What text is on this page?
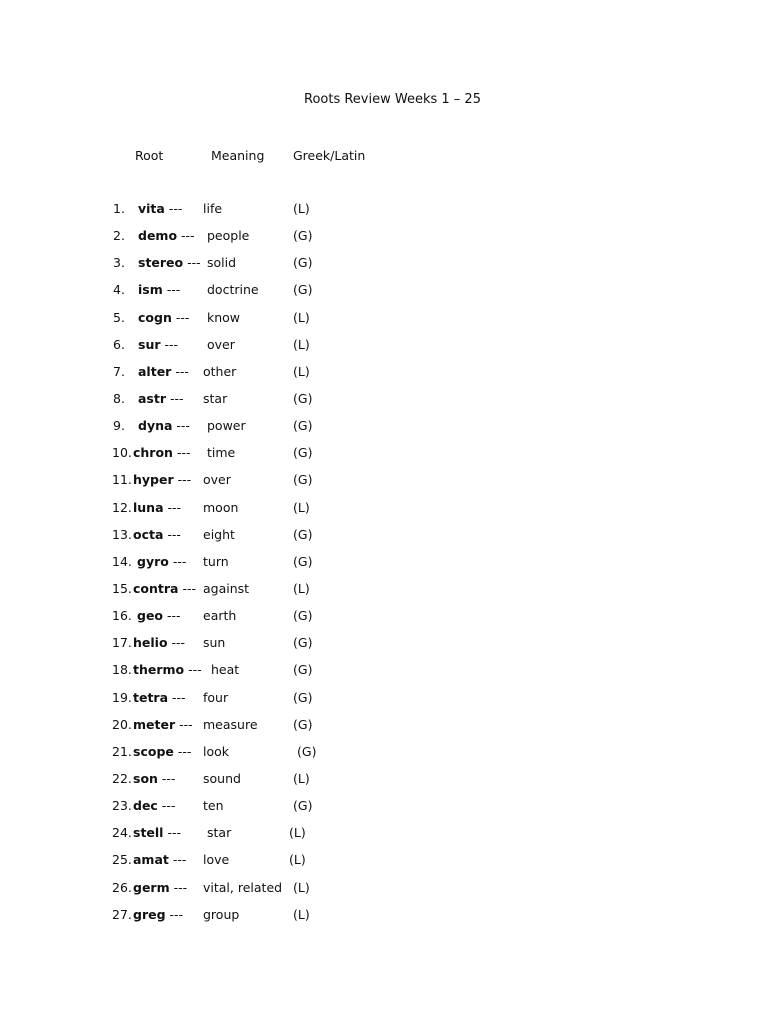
Roots Review Weeks 1 – 25
Root	Meaning Greek/Latin
1. vita --- life	(L)
2. demo --- people	(G)
3. stereo --- solid	(G)
4. ism --- doctrine	(G)
5. cogn --- know	(L)
6. sur --- over	(L)
7. alter --- other	(L)
8. astr --- star	(G)
9. dyna --- power	(G)
10. chron --- time	(G)
11. hyper --- over	(G)
12. luna --- moon	(L)
13. octa --- eight	(G)
14. gyro --- turn	(G)
15. contra --- against	(L)
16. geo --- earth	(G)
17. helio --- sun	(G)
18. thermo --- heat	(G)
19. tetra --- four	(G)
20. meter --- measure	(G)
21. scope --- look	(G)
22. son --- sound	(L)
23. dec --- ten	(G)
24. stell --- star	(L)
25. amat --- love	(L)
26. germ --- vital, related (L)
27. greg --- group	(L)
